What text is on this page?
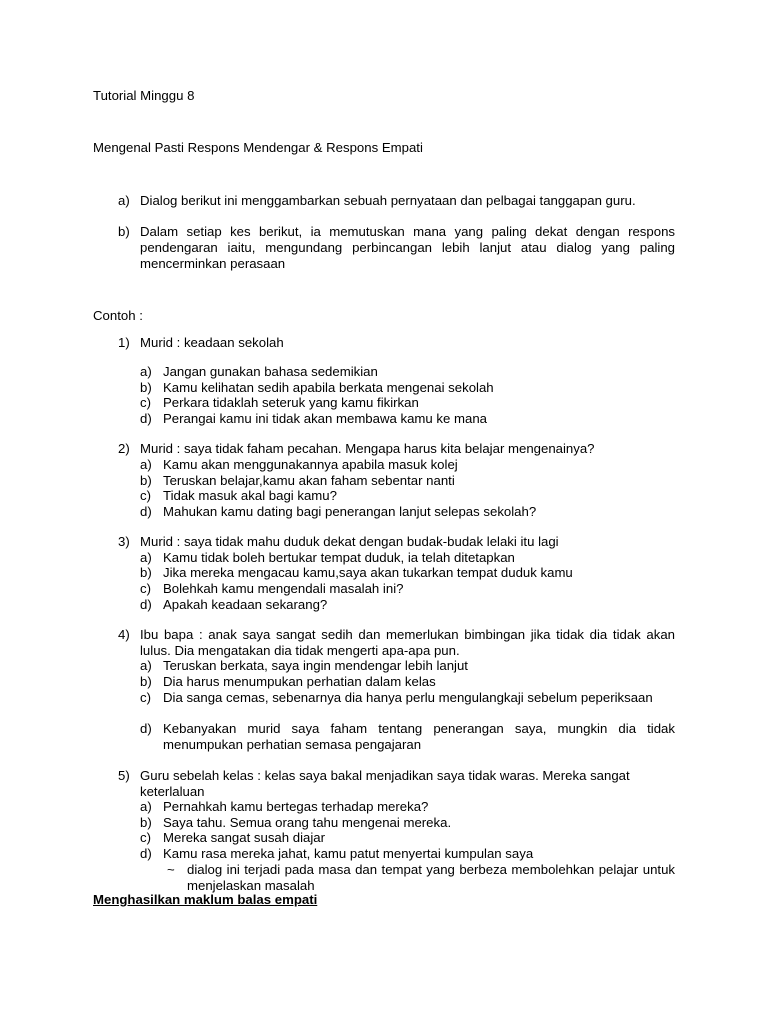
Tutorial Minggu 8
Mengenal Pasti Respons Mendengar & Respons Empati
a) Dialog berikut ini menggambarkan sebuah pernyataan dan pelbagai tanggapan guru.
b) Dalam setiap kes berikut, ia memutuskan mana yang paling dekat dengan respons pendengaran iaitu, mengundang perbincangan lebih lanjut atau dialog yang paling mencerminkan perasaan
Contoh :
1) Murid : keadaan sekolah
a) Jangan gunakan bahasa sedemikian
b) Kamu kelihatan sedih apabila berkata mengenai sekolah
c) Perkara tidaklah seteruk yang kamu fikirkan
d) Perangai kamu ini tidak akan membawa kamu ke mana
2) Murid : saya tidak faham pecahan. Mengapa harus kita belajar mengenainya?
a) Kamu akan menggunakannya apabila masuk kolej
b) Teruskan belajar,kamu akan faham sebentar nanti
c) Tidak masuk akal bagi kamu?
d) Mahukan kamu dating bagi penerangan lanjut selepas sekolah?
3) Murid : saya tidak mahu duduk dekat dengan budak-budak lelaki itu lagi
a) Kamu tidak boleh bertukar tempat duduk, ia telah ditetapkan
b) Jika mereka mengacau kamu,saya akan tukarkan tempat duduk kamu
c) Bolehkah kamu mengendali masalah ini?
d) Apakah keadaan sekarang?
4) Ibu bapa : anak saya sangat sedih dan memerlukan bimbingan jika tidak dia tidak akan lulus. Dia mengatakan dia tidak mengerti apa-apa pun.
a) Teruskan berkata, saya ingin mendengar lebih lanjut
b) Dia harus menumpukan perhatian dalam kelas
c) Dia sanga cemas, sebenarnya dia hanya perlu mengulangkaji sebelum peperiksaan
d) Kebanyakan murid saya faham tentang penerangan saya, mungkin dia tidak menumpukan perhatian semasa pengajaran
5) Guru sebelah kelas : kelas saya bakal menjadikan saya tidak waras. Mereka sangat keterlaluan
a) Pernahkah kamu bertegas terhadap mereka?
b) Saya tahu. Semua orang tahu mengenai mereka.
c) Mereka sangat susah diajar
d) Kamu rasa mereka jahat, kamu patut menyertai kumpulan saya
~ dialog ini terjadi pada masa dan tempat yang berbeza membolehkan pelajar untuk menjelaskan masalah
Menghasilkan maklum balas empati
